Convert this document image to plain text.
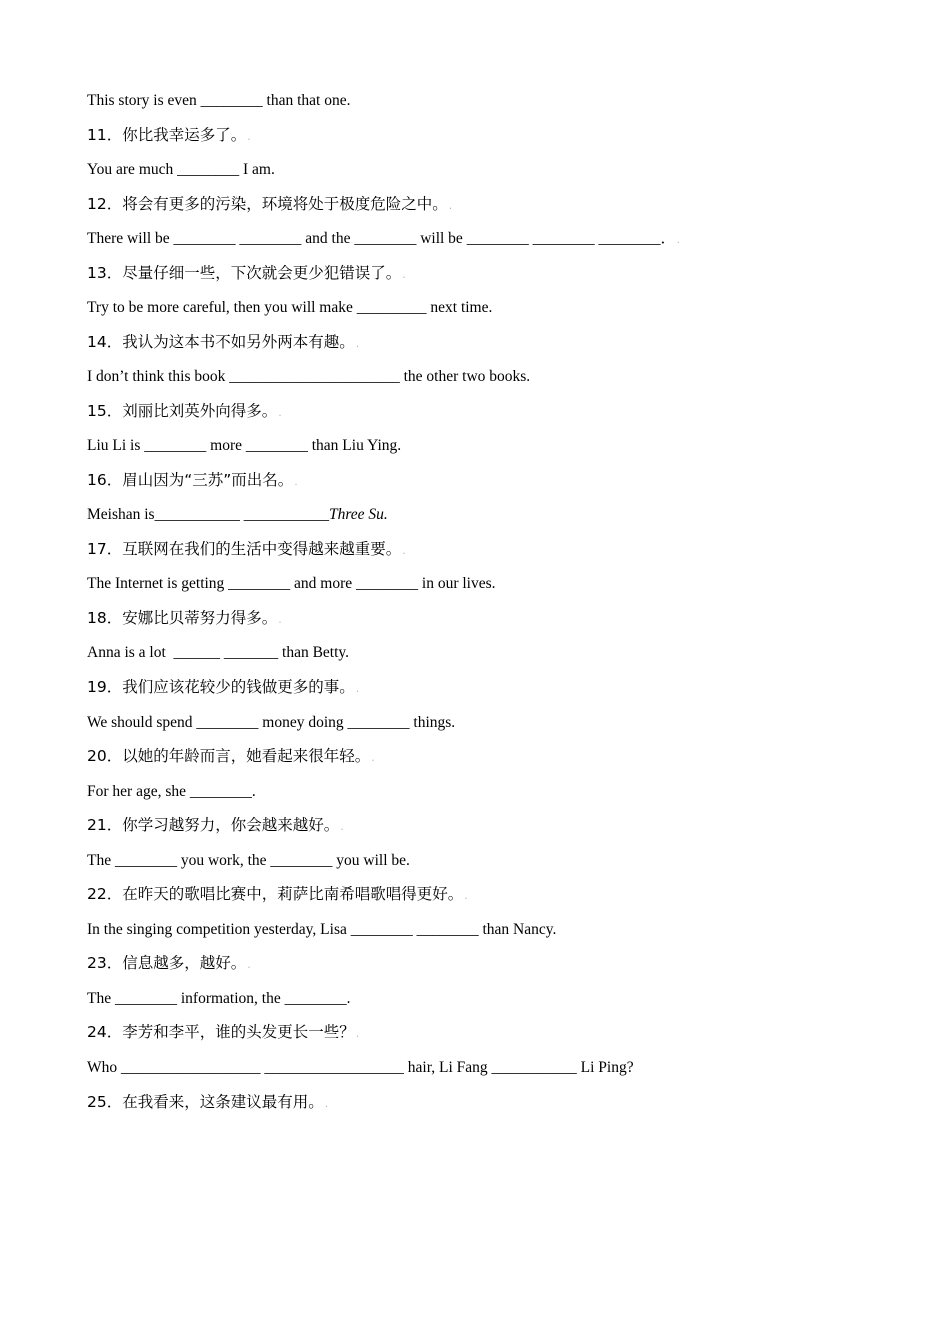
This story is even ________ than that one.
11．你比我幸运多了。.
You are much ________ I am.
12．将会有更多的污染，环境将处于极度危险之中。.
There will be ________ ________ and the ________ will be ________ ________ ________．.
13．尽量仔细一些，下次就会更少犯错误了。.
Try to be more careful, then you will make _________ next time.
14．我认为这本书不如另外两本有趣。.
I don’t think this book ______________________ the other two books.
15．刘丽比刘英外向得多。.
Liu Li is ________ more ________ than Liu Ying.
16．眉山因为“三苏”而出名。.
Meishan is___________ ___________Three Su.
17．互联网在我们的生活中变得越来越重要。.
The Internet is getting ________ and more ________ in our lives.
18．安娜比贝蒂努力得多。.
Anna is a lot  ______ _______ than Betty.
19．我们应该花较少的钱做更多的事。.
We should spend ________ money doing ________ things.
20．以她的年龄而言，她看起来很年轻。.
For her age, she ________.
21．你学习越努力，你会越来越好。.
The ________ you work, the ________ you will be.
22．在昨天的歌唱比赛中，莉萨比南希唱歌唱得更好。.
In the singing competition yesterday, Lisa ________ ________ than Nancy.
23．信息越多，越好。.
The ________ information, the ________.
24．李芳和李平，谁的头发更长一些？.
Who __________________ __________________ hair, Li Fang ___________ Li Ping?
25．在我看来，这条建议最有用。.
